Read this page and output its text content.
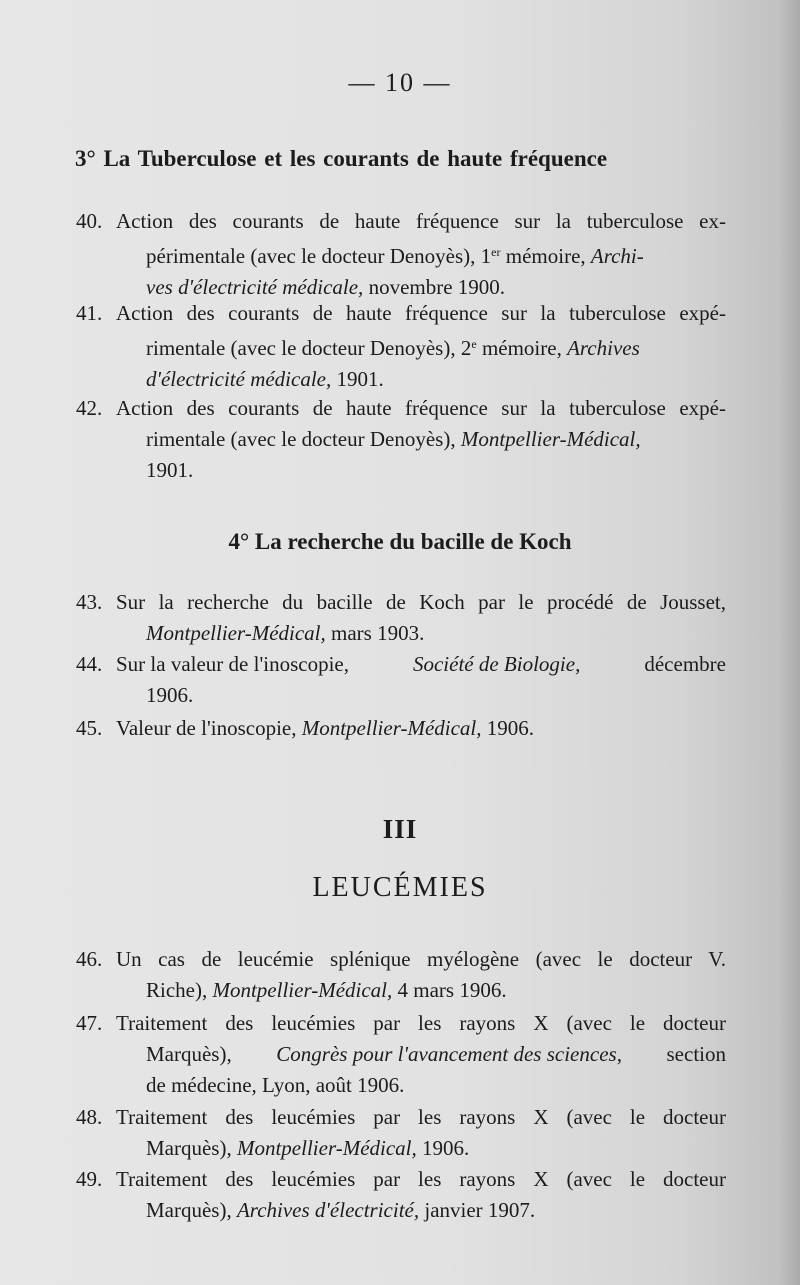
— 10 —
3° La Tuberculose et les courants de haute fréquence
40. Action des courants de haute fréquence sur la tuberculose ex-
périmentale (avec le docteur Denoyès), 1er mémoire, Archi-
ves d'électricité médicale, novembre 1900.
41. Action des courants de haute fréquence sur la tuberculose expé-
rimentale (avec le docteur Denoyès), 2e mémoire, Archives
d'électricité médicale, 1901.
42. Action des courants de haute fréquence sur la tuberculose expé-
rimentale (avec le docteur Denoyès), Montpellier-Médical,
1901.
4° La recherche du bacille de Koch
43. Sur la recherche du bacille de Koch par le procédé de Jousset,
Montpellier-Médical, mars 1903.
44. Sur la valeur de l'inoscopie,	Société de Biologie,	décembre
1906.
45. Valeur de l'inoscopie, Montpellier-Médical, 1906.
III
LEUCÉMIES
46. Un cas de leucémie splénique myélogène (avec le docteur V.
Riche), Montpellier-Médical, 4 mars 1906.
47. Traitement des leucémies par les rayons X (avec le docteur
Marquès), Congrès pour l'avancement des sciences, section
de médecine, Lyon, août 1906.
48. Traitement des leucémies par les rayons X (avec le docteur
Marquès), Montpellier-Médical, 1906.
49. Traitement des leucémies par les rayons X (avec le docteur
Marquès), Archives d'électricité, janvier 1907.
